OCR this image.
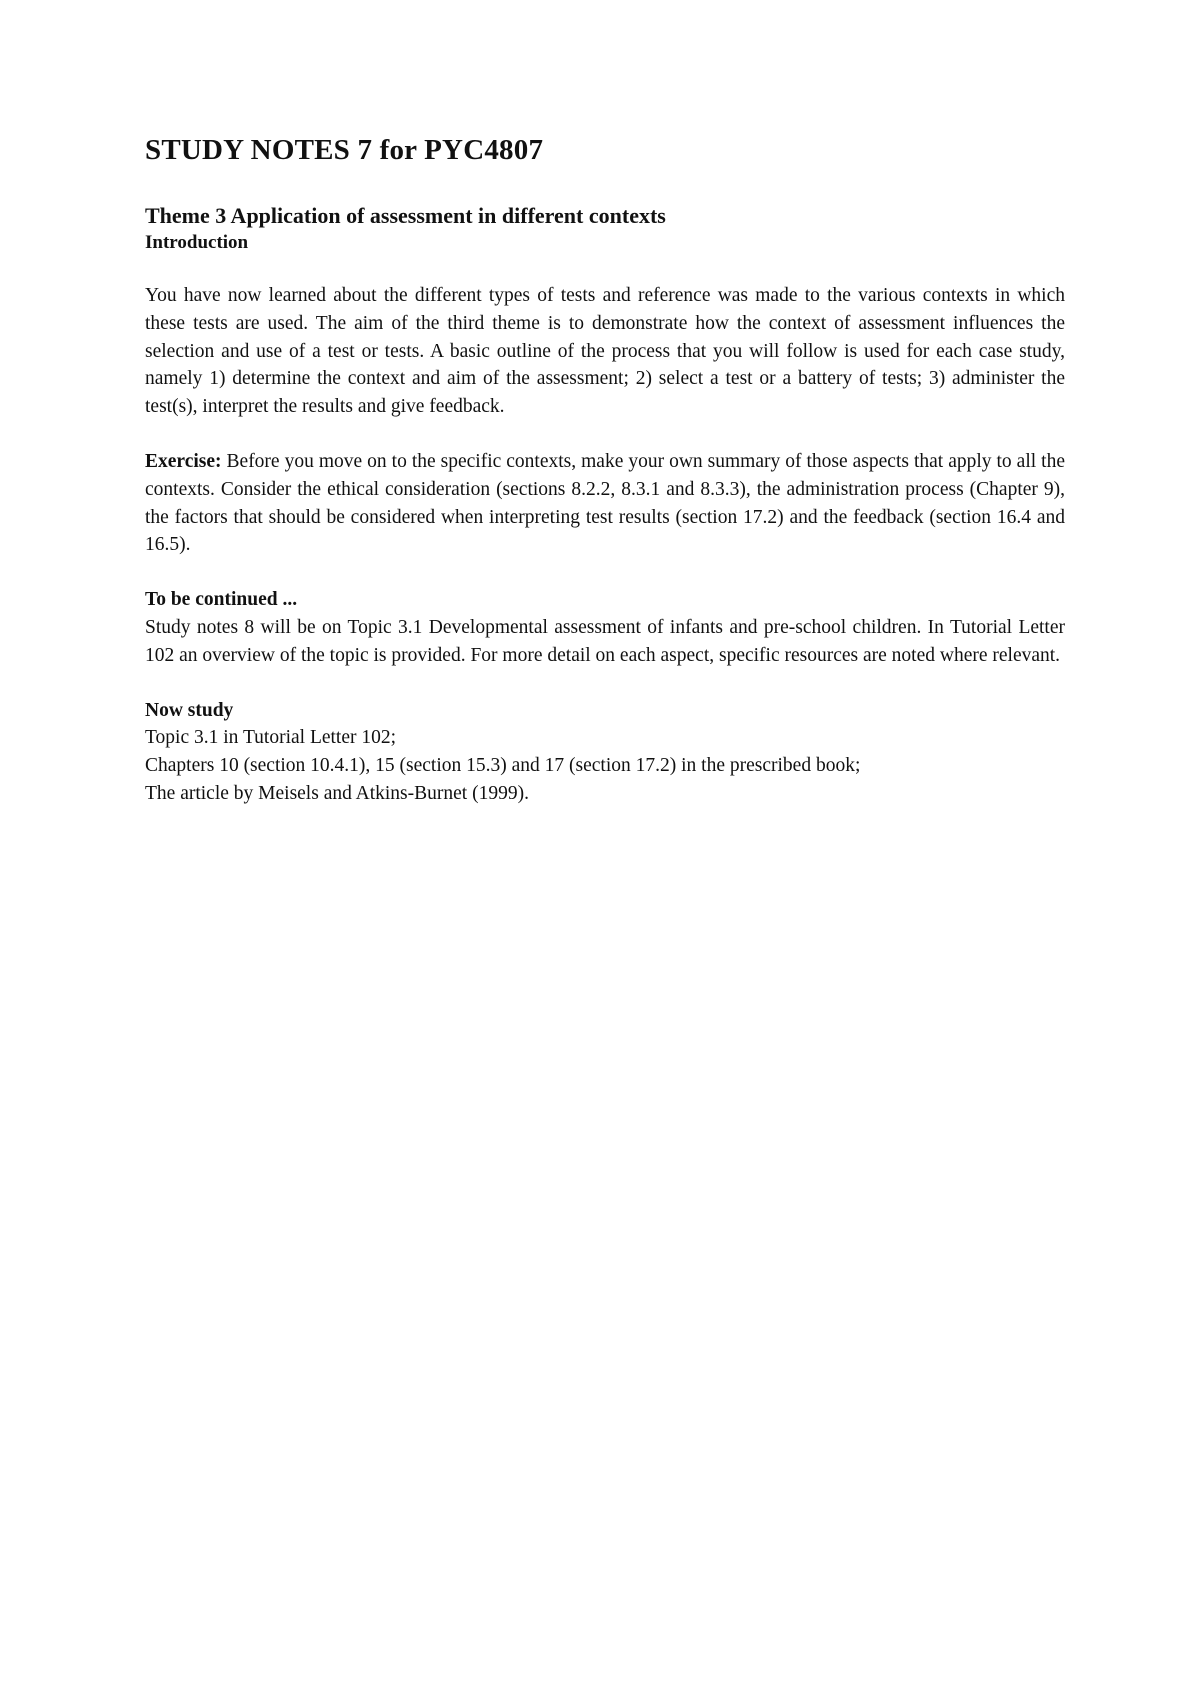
STUDY NOTES 7 for PYC4807
Theme 3 Application of assessment in different contexts
Introduction

You have now learned about the different types of tests and reference was made to the various contexts in which these tests are used. The aim of the third theme is to demonstrate how the context of assessment influences the selection and use of a test or tests. A basic outline of the process that you will follow is used for each case study, namely 1) determine the context and aim of the assessment; 2) select a test or a battery of tests; 3) administer the test(s), interpret the results and give feedback.

Exercise: Before you move on to the specific contexts, make your own summary of those aspects that apply to all the contexts. Consider the ethical consideration (sections 8.2.2, 8.3.1 and 8.3.3), the administration process (Chapter 9), the factors that should be considered when interpreting test results (section 17.2) and the feedback (section 16.4 and 16.5).

To be continued ...

Study notes 8 will be on Topic 3.1 Developmental assessment of infants and pre-school children. In Tutorial Letter 102 an overview of the topic is provided. For more detail on each aspect, specific resources are noted where relevant.

Now study
Topic 3.1 in Tutorial Letter 102;
Chapters 10 (section 10.4.1), 15 (section 15.3) and 17 (section 17.2) in the prescribed book;
The article by Meisels and Atkins-Burnet (1999).
